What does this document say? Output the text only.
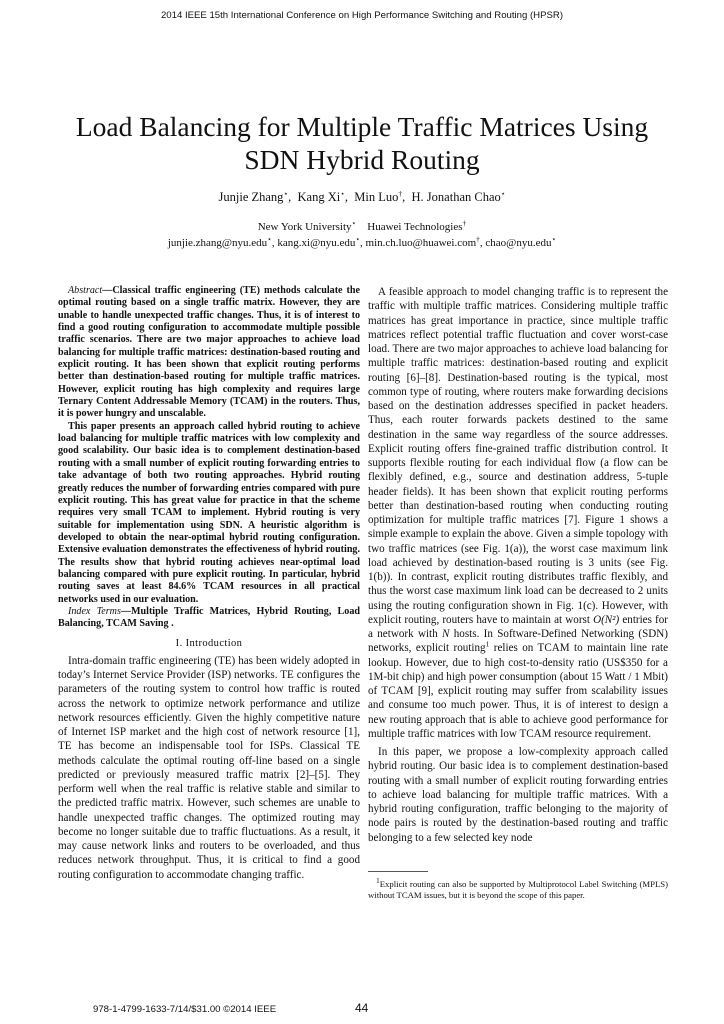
2014 IEEE 15th International Conference on High Performance Switching and Routing (HPSR)
Load Balancing for Multiple Traffic Matrices Using
SDN Hybrid Routing
Junjie Zhang⋆,  Kang Xi⋆,  Min Luo†,  H. Jonathan Chao⋆
New York University⋆ Huawei Technologies†
junjie.zhang@nyu.edu⋆, kang.xi@nyu.edu⋆, min.ch.luo@huawei.com†, chao@nyu.edu⋆

Abstract—Classical traffic engineering (TE) methods calculate the optimal routing based on a single traffic matrix. However, they are unable to handle unexpected traffic changes. Thus, it is of interest to find a good routing configuration to accommodate multiple possible traffic scenarios. There are two major approaches to achieve load balancing for multiple traffic matrices: destination-based routing and explicit routing. It has been shown that explicit routing performs better than destination-based routing for multiple traffic matrices. However, explicit routing has high complexity and requires large Ternary Content Addressable Memory (TCAM) in the routers. Thus, it is power hungry and unscalable.

This paper presents an approach called hybrid routing to achieve load balancing for multiple traffic matrices with low complexity and good scalability. Our basic idea is to complement destination-based routing with a small number of explicit routing forwarding entries to take advantage of both two routing approaches. Hybrid routing greatly reduces the number of forwarding entries compared with pure explicit routing. This has great value for practice in that the scheme requires very small TCAM to implement. Hybrid routing is very suitable for implementation using SDN. A heuristic algorithm is developed to obtain the near-optimal hybrid routing configuration. Extensive evaluation demonstrates the effectiveness of hybrid routing. The results show that hybrid routing achieves near-optimal load balancing compared with pure explicit routing. In particular, hybrid routing saves at least 84.6% TCAM resources in all practical networks used in our evaluation.

Index Terms—Multiple Traffic Matrices, Hybrid Routing, Load Balancing, TCAM Saving .

I. Introduction

Intra-domain traffic engineering (TE) has been widely adopted in today’s Internet Service Provider (ISP) networks. TE configures the parameters of the routing system to control how traffic is routed across the network to optimize network performance and utilize network resources efficiently. Given the highly competitive nature of Internet ISP market and the high cost of network resource [1], TE has become an indispensable tool for ISPs. Classical TE methods calculate the optimal routing off-line based on a single predicted or previously measured traffic matrix [2]–[5]. They perform well when the real traffic is relative stable and similar to the predicted traffic matrix. However, such schemes are unable to handle unexpected traffic changes. The optimized routing may become no longer suitable due to traffic fluctuations. As a result, it may cause network links and routers to be overloaded, and thus reduces network throughput. Thus, it is critical to find a good routing configuration to accommodate changing traffic.

A feasible approach to model changing traffic is to represent the traffic with multiple traffic matrices. Considering multiple traffic matrices has great importance in practice, since multiple traffic matrices reflect potential traffic fluctuation and cover worst-case load. There are two major approaches to achieve load balancing for multiple traffic matrices: destination-based routing and explicit routing [6]–[8]. Destination-based routing is the typical, most common type of routing, where routers make forwarding decisions based on the destination addresses specified in packet headers. Thus, each router forwards packets destined to the same destination in the same way regardless of the source addresses. Explicit routing offers fine-grained traffic distribution control. It supports flexible routing for each individual flow (a flow can be flexibly defined, e.g., source and destination address, 5-tuple header fields). It has been shown that explicit routing performs better than destination-based routing when conducting routing optimization for multiple traffic matrices [7]. Figure 1 shows a simple example to explain the above. Given a simple topology with two traffic matrices (see Fig. 1(a)), the worst case maximum link load achieved by destination-based routing is 3 units (see Fig. 1(b)). In contrast, explicit routing distributes traffic flexibly, and thus the worst case maximum link load can be decreased to 2 units using the routing configuration shown in Fig. 1(c). However, with explicit routing, routers have to maintain at worst O(N²) entries for a network with N hosts. In Software-Defined Networking (SDN) networks, explicit routing$^1$ relies on TCAM to maintain line rate lookup. However, due to high cost-to-density ratio (US$350 for a 1M-bit chip) and high power consumption (about 15 Watt / 1 Mbit) of TCAM [9], explicit routing may suffer from scalability issues and consume too much power. Thus, it is of interest to design a new routing approach that is able to achieve good performance for multiple traffic matrices with low TCAM resource requirement.

In this paper, we propose a low-complexity approach called hybrid routing. Our basic idea is to complement destination-based routing with a small number of explicit routing forwarding entries to achieve load balancing for multiple traffic matrices. With a hybrid routing configuration, traffic belonging to the majority of node pairs is routed by the destination-based routing and traffic belonging to a few selected key node

$^1$Explicit routing can also be supported by Multiprotocol Label Switching (MPLS) without TCAM issues, but it is beyond the scope of this paper.

978-1-4799-1633-7/14/$31.00 ©2014 IEEE	44
